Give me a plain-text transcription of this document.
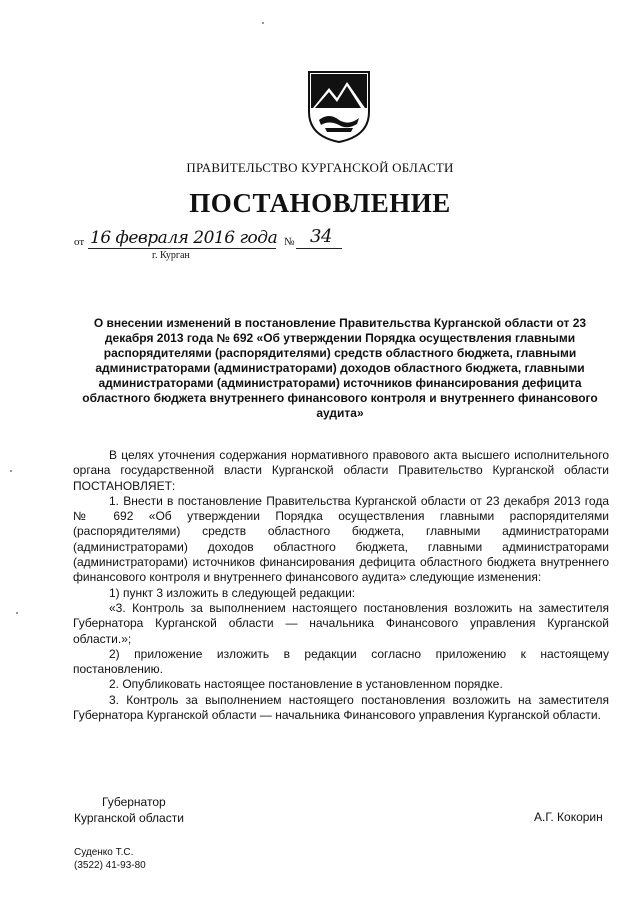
ПРАВИТЕЛЬСТВО КУРГАНСКОЙ ОБЛАСТИ
ПОСТАНОВЛЕНИЕ
от 16 февраля 2016 года № 34
г. Курган
О внесении изменений в постановление Правительства Курганской области от 23 декабря 2013 года № 692 «Об утверждении Порядка осуществления главными распорядителями (распорядителями) средств областного бюджета, главными администраторами (администраторами) доходов областного бюджета, главными администраторами (администраторами) источников финансирования дефицита областного бюджета внутреннего финансового контроля и внутреннего финансового аудита»

В целях уточнения содержания нормативного правового акта высшего исполнительного органа государственной власти Курганской области Правительство Курганской области ПОСТАНОВЛЯЕТ:

1. Внести в постановление Правительства Курганской области от 23 декабря 2013 года № 692 «Об утверждении Порядка осуществления главными распорядителями (распорядителями) средств областного бюджета, главными администраторами (администраторами) доходов областного бюджета, главными администраторами (администраторами) источников финансирования дефицита областного бюджета внутреннего финансового контроля и внутреннего финансового аудита» следующие изменения:

1) пункт 3 изложить в следующей редакции:

«3. Контроль за выполнением настоящего постановления возложить на заместителя Губернатора Курганской области — начальника Финансового управления Курганской области.»;

2) приложение изложить в редакции согласно приложению к настоящему постановлению.

2. Опубликовать настоящее постановление в установленном порядке.

3. Контроль за выполнением настоящего постановления возложить на заместителя Губернатора Курганской области — начальника Финансового управления Курганской области.

Губернатор
Курганской области	А.Г. Кокорин
Суденко Т.С.
(3522) 41-93-80
